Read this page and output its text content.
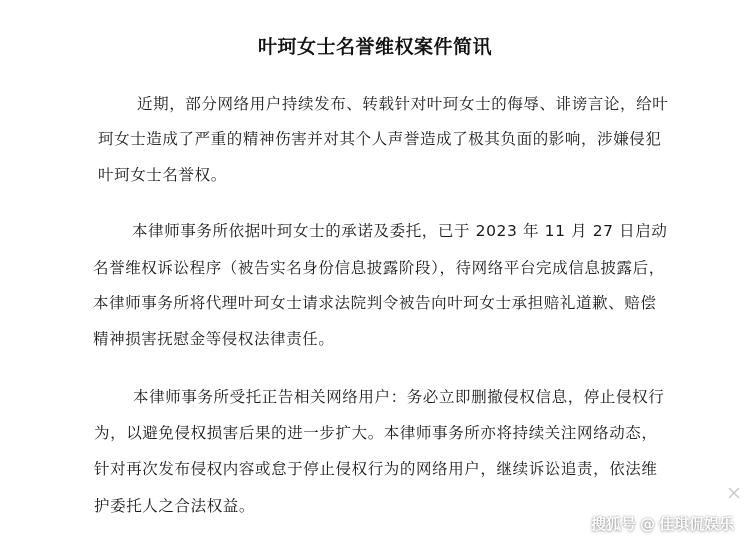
叶珂女士名誉维权案件简讯
近期，部分网络用户持续发布、转载针对叶珂女士的侮辱、诽谤言论，给叶
珂女士造成了严重的精神伤害并对其个人声誉造成了极其负面的影响，涉嫌侵犯
叶珂女士名誉权。
本律师事务所依据叶珂女士的承诺及委托，已于 2023 年 11 月 27 日启动
名誉维权诉讼程序（被告实名身份信息披露阶段），待网络平台完成信息披露后，
本律师事务所将代理叶珂女士请求法院判令被告向叶珂女士承担赔礼道歉、赔偿
精神损害抚慰金等侵权法律责任。
本律师事务所受托正告相关网络用户：务必立即删撤侵权信息，停止侵权行
为，以避免侵权损害后果的进一步扩大。本律师事务所亦将持续关注网络动态，
针对再次发布侵权内容或怠于停止侵权行为的网络用户，继续诉讼追责，依法维
护委托人之合法权益。
搜狐号 @ 佳琪侃娱乐
